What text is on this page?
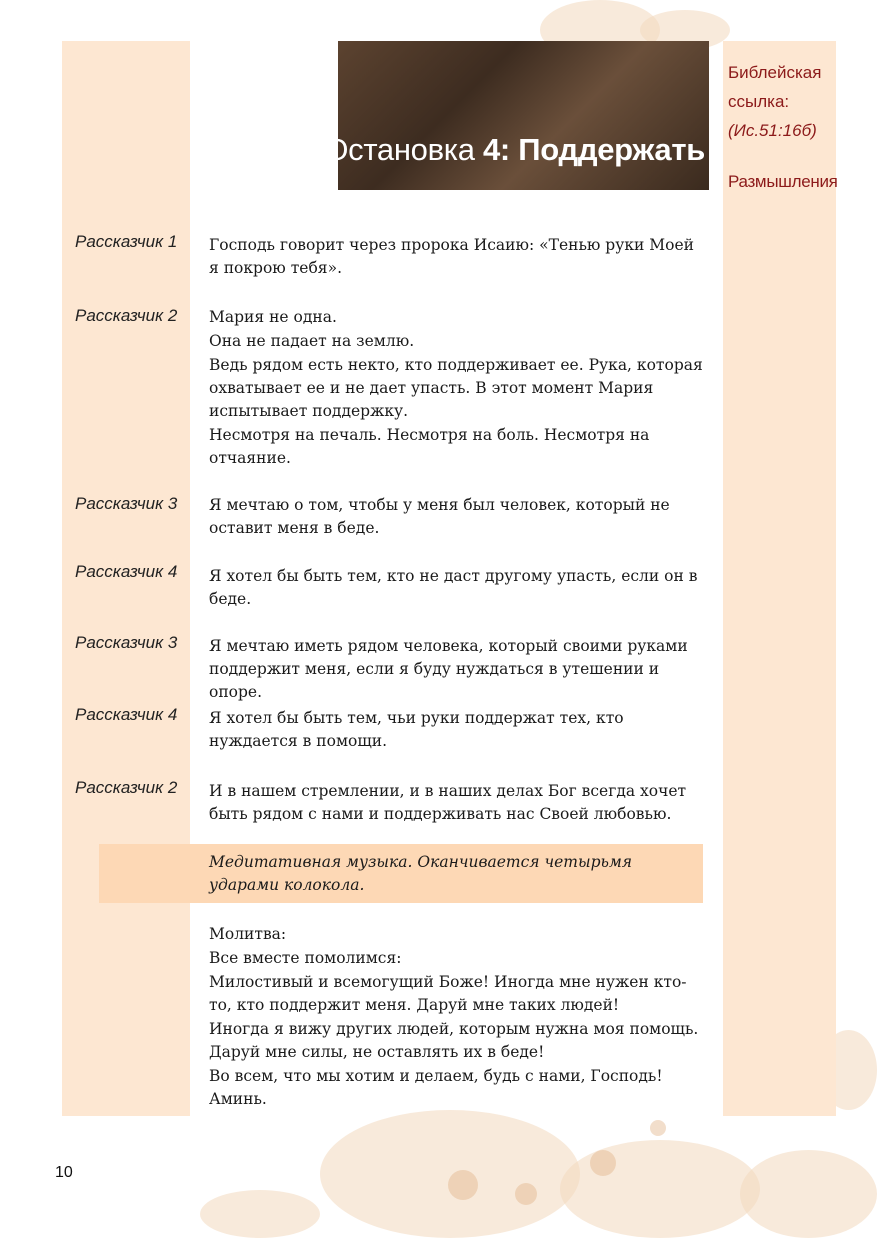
Остановка 4: Поддержать
Библейская
ссылка:
(Ис.51:16б)
Размышления
Рассказчик 1 Господь говорит через пророка Исаию: «Тенью руки Моей я покрою тебя».

Рассказчик 2 Мария не одна.

Она не падает на землю.

Ведь рядом есть некто, кто поддерживает ее. Рука, которая охватывает ее и не дает упасть. В этот момент Мария испытывает поддержку.

Несмотря на печаль. Несмотря на боль. Несмотря на отчаяние.

Рассказчик 3 Я мечтаю о том, чтобы у меня был человек, который не оставит меня в беде.

Рассказчик 4 Я хотел бы быть тем, кто не даст другому упасть, если он в беде.

Рассказчик 3 Я мечтаю иметь рядом человека, который своими руками поддержит меня, если я буду нуждаться в утешении и опоре.

Рассказчик 4 Я хотел бы быть тем, чьи руки поддержат тех, кто нуждается в помощи.

Рассказчик 2 И в нашем стремлении, и в наших делах Бог всегда хочет быть рядом с нами и поддерживать нас Своей любовью.

Медитативная музыка. Оканчивается четырьмя ударами колокола.

Молитва:

Все вместе помолимся:

Милостивый и всемогущий Боже! Иногда мне нужен кто-то, кто поддержит меня. Даруй мне таких людей!

Иногда я вижу других людей, которым нужна моя помощь. Даруй мне силы, не оставлять их в беде!

Во всем, что мы хотим и делаем, будь с нами, Господь! Аминь.

10
